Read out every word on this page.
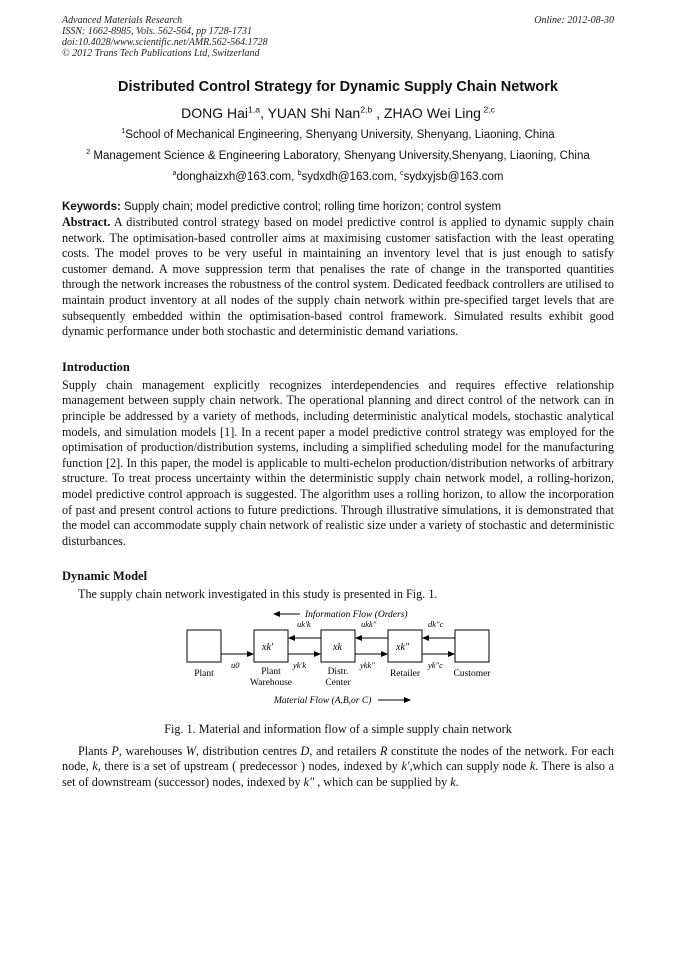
Advanced Materials Research
ISSN: 1662-8985, Vols. 562-564, pp 1728-1731
doi:10.4028/www.scientific.net/AMR.562-564.1728
© 2012 Trans Tech Publications Ltd, Switzerland
Online: 2012-08-30
Distributed Control Strategy for Dynamic Supply Chain Network
DONG Hai$^{1,a}$, YUAN Shi Nan$^{2,b}$ , ZHAO Wei Ling $^{2,c}$
$^1$School of Mechanical Engineering, Shenyang University, Shenyang, Liaoning, China
$^2$ Management Science & Engineering Laboratory, Shenyang University,Shenyang, Liaoning, China
$^a$donghaizxh@163.com, $^b$sydxdh@163.com, $^c$sydxyjsb@163.com
Keywords: Supply chain; model predictive control; rolling time horizon; control system

Abstract. A distributed control strategy based on model predictive control is applied to dynamic supply chain network. The optimisation-based controller aims at maximising customer satisfaction with the least operating costs. The model proves to be very useful in maintaining an inventory level that is just enough to satisfy customer demand. A move suppression term that penalises the rate of change in the transported quantities through the network increases the robustness of the control system. Dedicated feedback controllers are utilised to maintain product inventory at all nodes of the supply chain network within pre-specified target levels that are subsequently embedded within the optimisation-based control framework. Simulated results exhibit good dynamic performance under both stochastic and deterministic demand variations.

Introduction

Supply chain management explicitly recognizes interdependencies and requires effective relationship management between supply chain network. The operational planning and direct control of the network can in principle be addressed by a variety of methods, including deterministic analytical models, stochastic analytical models, and simulation models [1]. In a recent paper a model predictive control strategy was employed for the optimisation of production/distribution systems, including a simplified scheduling model for the manufacturing function [2]. In this paper, the model is applicable to multi-echelon production/distribution networks of arbitrary structure. To treat process uncertainty within the deterministic supply chain network model, a rolling-horizon, model predictive control approach is suggested. The algorithm uses a rolling horizon, to allow the incorporation of past and present control actions to future predictions. Through illustrative simulations, it is demonstrated that the model can accommodate supply chain network of realistic size under a variety of stochastic and deterministic disturbances.

Dynamic Model

The supply chain network investigated in this study is presented in Fig. 1.

Information Flow (Orders)
xk′	xk	xk″
uk′k	ukk″	dk″c
u0	yk′k	ykk″	yk″c
Plant	Plant
Warehouse
Distr.
Center
Retailer	Customer
Material Flow (A,B,or C)
Fig. 1. Material and information flow of a simple supply chain network

Plants P, warehouses W, distribution centres D, and retailers R constitute the nodes of the network. For each node, k, there is a set of upstream ( predecessor ) nodes, indexed by k′,which can supply node k. There is also a set of downstream (successor) nodes, indexed by k″ , which can be supplied by k.
